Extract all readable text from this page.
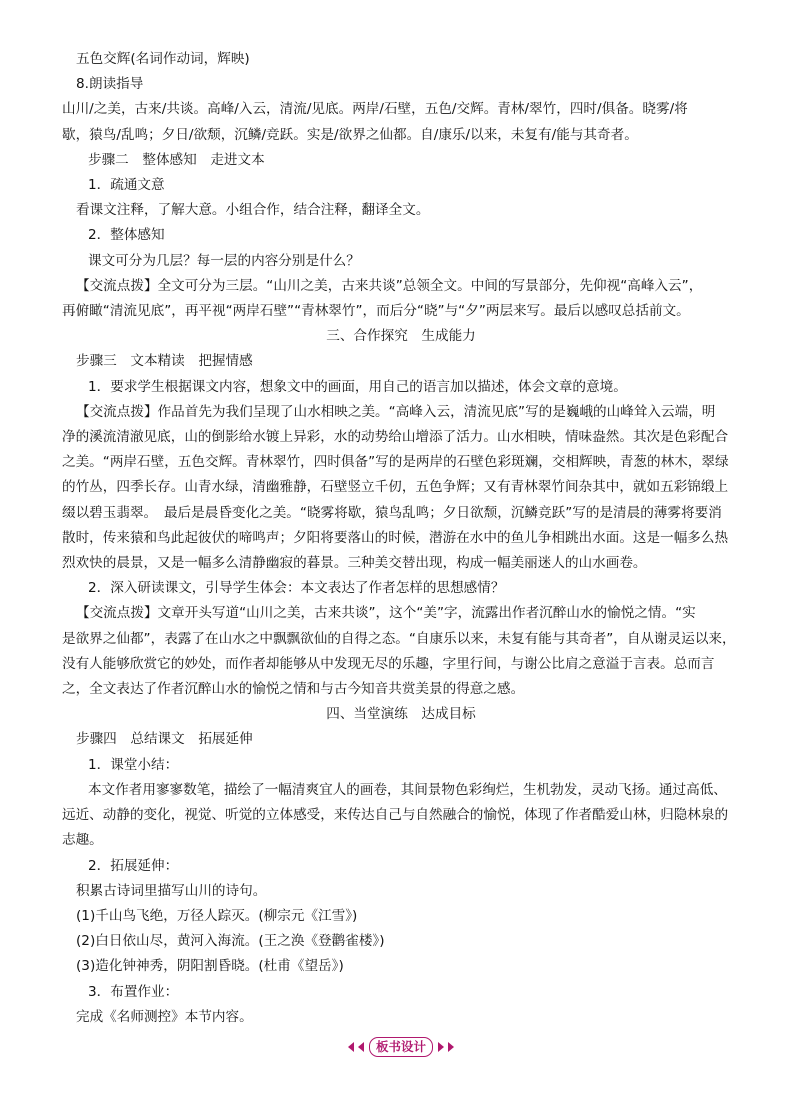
五色交辉(名词作动词，辉映)

8.朗读指导

山川/之美，古来/共谈。高峰/入云，清流/见底。两岸/石壁，五色/交辉。青林/翠竹，四时/俱备。晓雾/将

歇，猿鸟/乱鸣；夕日/欲颓，沉鳞/竞跃。实是/欲界之仙都。自/康乐/以来，未复有/能与其奇者。

步骤二　整体感知　走进文本

1．疏通文意

看课文注释，了解大意。小组合作，结合注释，翻译全文。

2．整体感知

课文可分为几层？每一层的内容分别是什么？

【交流点拨】全文可分为三层。“山川之美，古来共谈”总领全文。中间的写景部分，先仰视“高峰入云”，

再俯瞰“清流见底”，再平视“两岸石壁”“青林翠竹”，而后分“晓”与“夕”两层来写。最后以感叹总括前文。

三、合作探究　生成能力

步骤三　文本精读　把握情感

1．要求学生根据课文内容，想象文中的画面，用自己的语言加以描述，体会文章的意境。

【交流点拨】作品首先为我们呈现了山水相映之美。“高峰入云，清流见底”写的是巍峨的山峰耸入云端，明

净的溪流清澈见底，山的倒影给水镀上异彩，水的动势给山增添了活力。山水相映，情味盎然。其次是色彩配合

之美。“两岸石壁，五色交辉。青林翠竹，四时俱备”写的是两岸的石壁色彩斑斓，交相辉映，青葱的林木，翠绿

的竹丛，四季长存。山青水绿，清幽雅静，石壁竖立千仞，五色争辉；又有青林翠竹间杂其中，就如五彩锦缎上

缀以碧玉翡翠。　最后是晨昏变化之美。“晓雾将歇，猿鸟乱鸣；夕日欲颓，沉鳞竞跃”写的是清晨的薄雾将要消

散时，传来猿和鸟此起彼伏的啼鸣声；夕阳将要落山的时候，潜游在水中的鱼儿争相跳出水面。这是一幅多么热

烈欢快的晨景，又是一幅多么清静幽寂的暮景。三种美交替出现，构成一幅美丽迷人的山水画卷。

2．深入研读课文，引导学生体会：本文表达了作者怎样的思想感情？

【交流点拨】文章开头写道“山川之美，古来共谈”，这个“美”字，流露出作者沉醉山水的愉悦之情。“实

是欲界之仙都”，表露了在山水之中飘飘欲仙的自得之态。“自康乐以来，未复有能与其奇者”，自从谢灵运以来，

没有人能够欣赏它的妙处，而作者却能够从中发现无尽的乐趣，字里行间，与谢公比肩之意溢于言表。总而言

之，全文表达了作者沉醉山水的愉悦之情和与古今知音共赏美景的得意之感。

四、当堂演练　达成目标

步骤四　总结课文　拓展延伸

1．课堂小结：

本文作者用寥寥数笔，描绘了一幅清爽宜人的画卷，其间景物色彩绚烂，生机勃发，灵动飞扬。通过高低、

远近、动静的变化，视觉、听觉的立体感受，来传达自己与自然融合的愉悦，体现了作者酷爱山林，归隐林泉的

志趣。

2．拓展延伸：

积累古诗词里描写山川的诗句。

(1)千山鸟飞绝，万径人踪灭。(柳宗元《江雪》)

(2)白日依山尽，黄河入海流。(王之涣《登鹳雀楼》)

(3)造化钟神秀，阴阳割昏晓。(杜甫《望岳》)

3．布置作业：

完成《名师测控》本节内容。

板书设计
